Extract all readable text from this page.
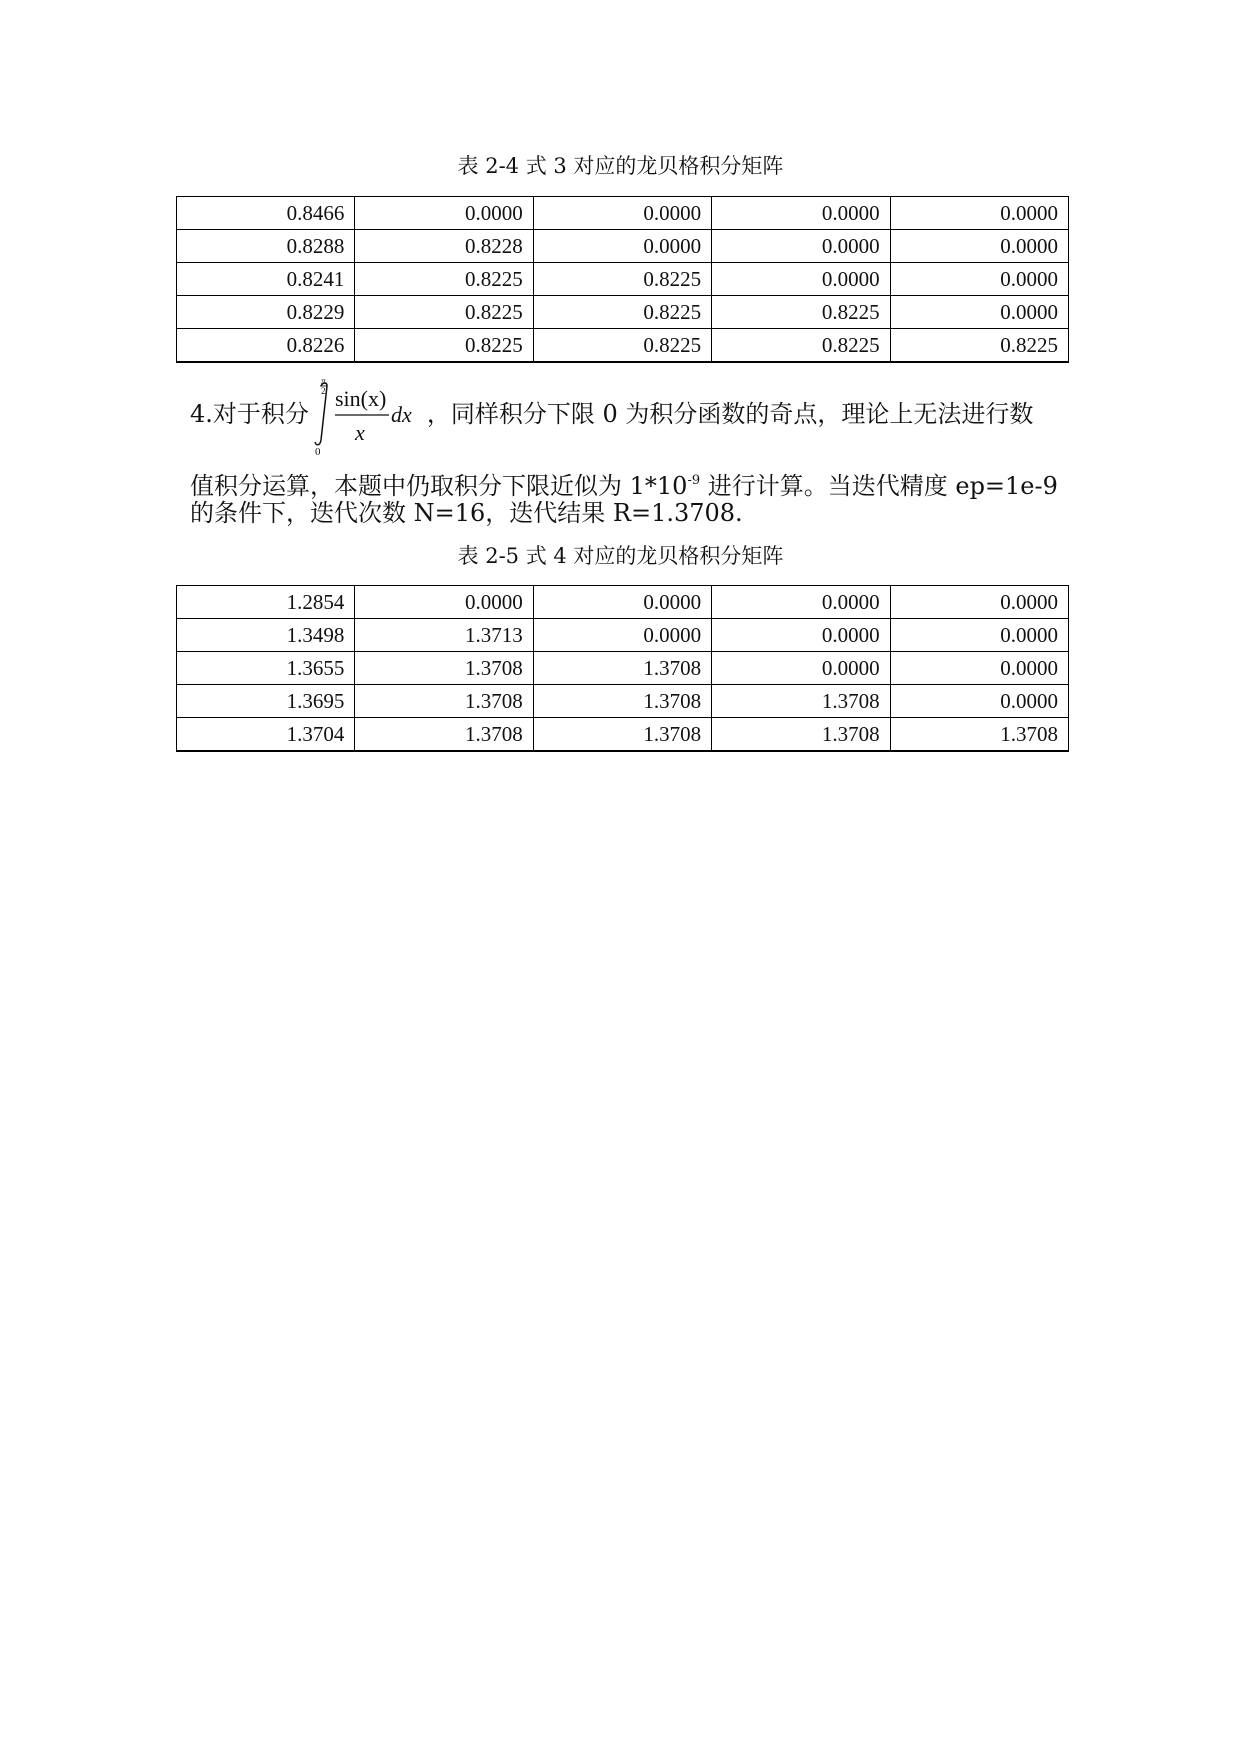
表 2-4 式 3 对应的龙贝格积分矩阵
0.8466	0.0000	0.0000	0.0000	0.0000
0.8288	0.8228	0.0000	0.0000	0.0000
0.8241	0.8225	0.8225	0.0000	0.0000
0.8229	0.8225	0.8225	0.8225	0.0000
0.8226	0.8225	0.8225	0.8225	0.8225
4.对于积分
π
2
0
sin(x)
x
dx ，同样积分下限 0 为积分函数的奇点，理论上无法进行数
值积分运算，本题中仍取积分下限近似为 $1*10^{-9}$ 进行计算。当迭代精度 ep=1e-9
的条件下，迭代次数 N=16，迭代结果 R=1.3708.
表 2-5 式 4 对应的龙贝格积分矩阵
1.2854	0.0000	0.0000	0.0000	0.0000
1.3498	1.3713	0.0000	0.0000	0.0000
1.3655	1.3708	1.3708	0.0000	0.0000
1.3695	1.3708	1.3708	1.3708	0.0000
1.3704	1.3708	1.3708	1.3708	1.3708
